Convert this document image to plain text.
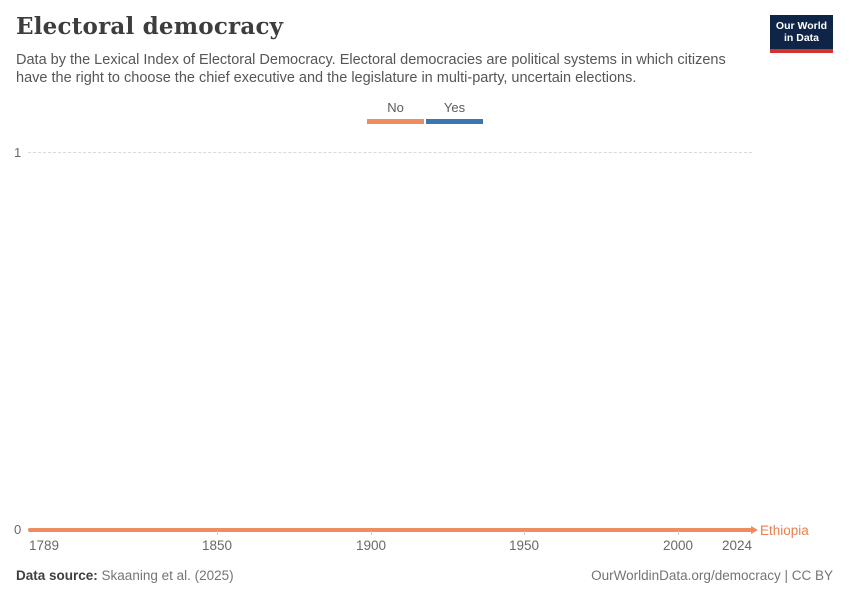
Electoral democracy

Data by the Lexical Index of Electoral Democracy. Electoral democracies are political systems in which citizens have the right to choose the chief executive and the legislature in multi-party, uncertain elections.

Our World
in Data
No	Yes
1
0	Ethiopia
1789	1850	1900	1950	2000 2024
Data source: Skaaning et al. (2025)	OurWorldinData.org/democracy | CC BY
